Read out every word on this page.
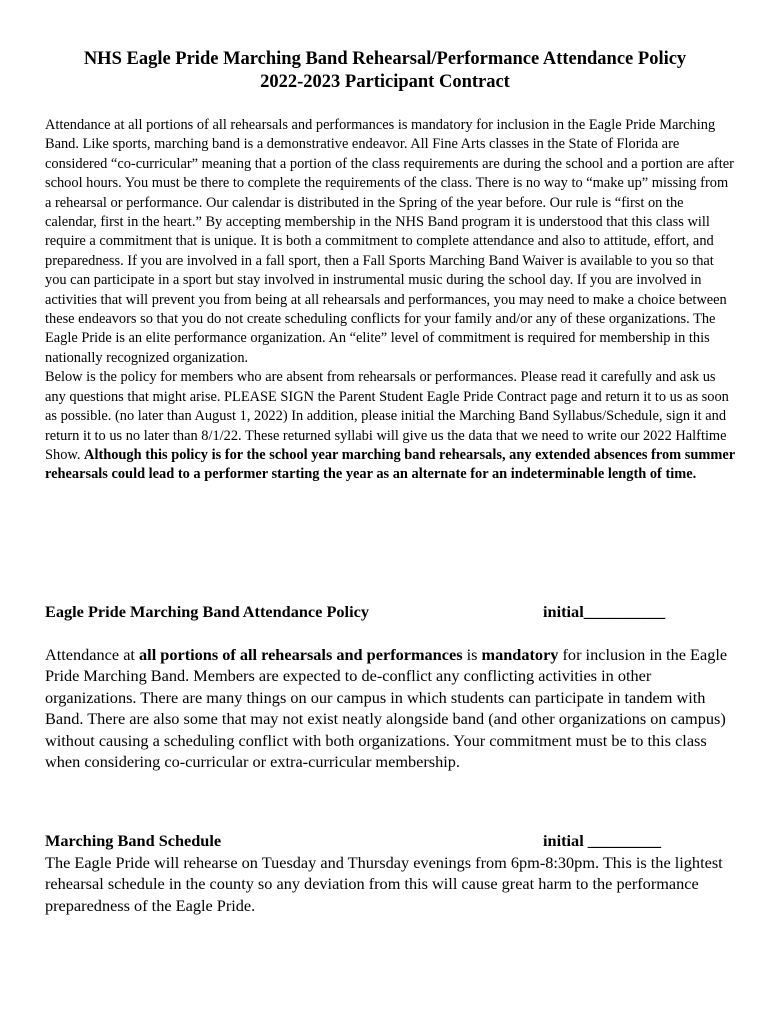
NHS Eagle Pride Marching Band Rehearsal/Performance Attendance Policy
2022-2023 Participant Contract

Attendance at all portions of all rehearsals and performances is mandatory for inclusion in the Eagle Pride Marching Band. Like sports, marching band is a demonstrative endeavor. All Fine Arts classes in the State of Florida are considered “co-curricular” meaning that a portion of the class requirements are during the school and a portion are after school hours. You must be there to complete the requirements of the class. There is no way to “make up” missing from a rehearsal or performance. Our calendar is distributed in the Spring of the year before. Our rule is “first on the calendar, first in the heart.” By accepting membership in the NHS Band program it is understood that this class will require a commitment that is unique. It is both a commitment to complete attendance and also to attitude, effort, and preparedness. If you are involved in a fall sport, then a Fall Sports Marching Band Waiver is available to you so that you can participate in a sport but stay involved in instrumental music during the school day. If you are involved in activities that will prevent you from being at all rehearsals and performances, you may need to make a choice between these endeavors so that you do not create scheduling conflicts for your family and/or any of these organizations. The Eagle Pride is an elite performance organization. An “elite” level of commitment is required for membership in this nationally recognized organization.

Below is the policy for members who are absent from rehearsals or performances. Please read it carefully and ask us any questions that might arise. PLEASE SIGN the Parent Student Eagle Pride Contract page and return it to us as soon as possible. (no later than August 1, 2022) In addition, please initial the Marching Band Syllabus/Schedule, sign it and return it to us no later than 8/1/22. These returned syllabi will give us the data that we need to write our 2022 Halftime Show. Although this policy is for the school year marching band rehearsals, any extended absences from summer rehearsals could lead to a performer starting the year as an alternate for an indeterminable length of time.

Eagle Pride Marching Band Attendance Policy	initial__________

Attendance at all portions of all rehearsals and performances is mandatory for inclusion in the Eagle Pride Marching Band. Members are expected to de-conflict any conflicting activities in other organizations. There are many things on our campus in which students can participate in tandem with Band. There are also some that may not exist neatly alongside band (and other organizations on campus) without causing a scheduling conflict with both organizations. Your commitment must be to this class when considering co-curricular or extra-curricular membership.

Marching Band Schedule	initial _________

The Eagle Pride will rehearse on Tuesday and Thursday evenings from 6pm-8:30pm. This is the lightest rehearsal schedule in the county so any deviation from this will cause great harm to the performance preparedness of the Eagle Pride.
